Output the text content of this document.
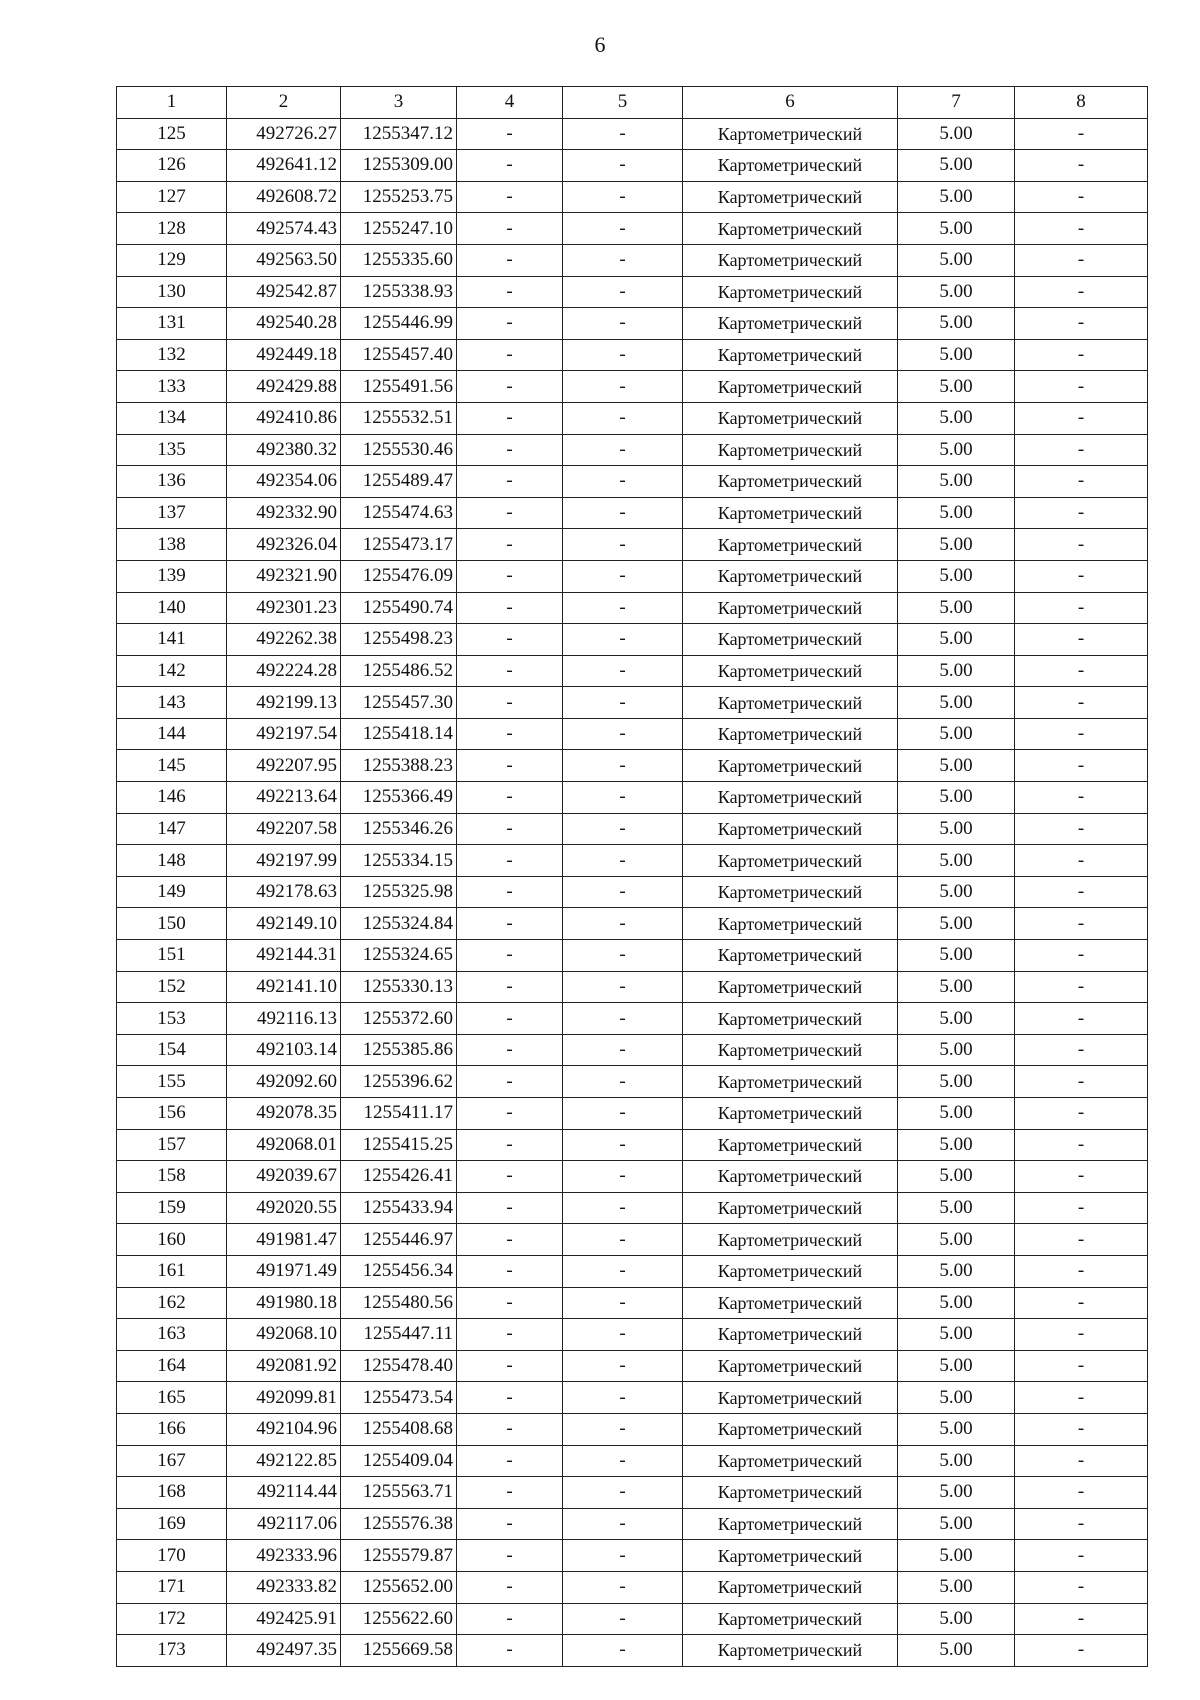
6
1	2	3	4	5	6	7	8
125	492726.27	1255347.12	-	-	Картометрический	5.00	-
126	492641.12	1255309.00	-	-	Картометрический	5.00	-
127	492608.72	1255253.75	-	-	Картометрический	5.00	-
128	492574.43	1255247.10	-	-	Картометрический	5.00	-
129	492563.50	1255335.60	-	-	Картометрический	5.00	-
130	492542.87	1255338.93	-	-	Картометрический	5.00	-
131	492540.28	1255446.99	-	-	Картометрический	5.00	-
132	492449.18	1255457.40	-	-	Картометрический	5.00	-
133	492429.88	1255491.56	-	-	Картометрический	5.00	-
134	492410.86	1255532.51	-	-	Картометрический	5.00	-
135	492380.32	1255530.46	-	-	Картометрический	5.00	-
136	492354.06	1255489.47	-	-	Картометрический	5.00	-
137	492332.90	1255474.63	-	-	Картометрический	5.00	-
138	492326.04	1255473.17	-	-	Картометрический	5.00	-
139	492321.90	1255476.09	-	-	Картометрический	5.00	-
140	492301.23	1255490.74	-	-	Картометрический	5.00	-
141	492262.38	1255498.23	-	-	Картометрический	5.00	-
142	492224.28	1255486.52	-	-	Картометрический	5.00	-
143	492199.13	1255457.30	-	-	Картометрический	5.00	-
144	492197.54	1255418.14	-	-	Картометрический	5.00	-
145	492207.95	1255388.23	-	-	Картометрический	5.00	-
146	492213.64	1255366.49	-	-	Картометрический	5.00	-
147	492207.58	1255346.26	-	-	Картометрический	5.00	-
148	492197.99	1255334.15	-	-	Картометрический	5.00	-
149	492178.63	1255325.98	-	-	Картометрический	5.00	-
150	492149.10	1255324.84	-	-	Картометрический	5.00	-
151	492144.31	1255324.65	-	-	Картометрический	5.00	-
152	492141.10	1255330.13	-	-	Картометрический	5.00	-
153	492116.13	1255372.60	-	-	Картометрический	5.00	-
154	492103.14	1255385.86	-	-	Картометрический	5.00	-
155	492092.60	1255396.62	-	-	Картометрический	5.00	-
156	492078.35	1255411.17	-	-	Картометрический	5.00	-
157	492068.01	1255415.25	-	-	Картометрический	5.00	-
158	492039.67	1255426.41	-	-	Картометрический	5.00	-
159	492020.55	1255433.94	-	-	Картометрический	5.00	-
160	491981.47	1255446.97	-	-	Картометрический	5.00	-
161	491971.49	1255456.34	-	-	Картометрический	5.00	-
162	491980.18	1255480.56	-	-	Картометрический	5.00	-
163	492068.10	1255447.11	-	-	Картометрический	5.00	-
164	492081.92	1255478.40	-	-	Картометрический	5.00	-
165	492099.81	1255473.54	-	-	Картометрический	5.00	-
166	492104.96	1255408.68	-	-	Картометрический	5.00	-
167	492122.85	1255409.04	-	-	Картометрический	5.00	-
168	492114.44	1255563.71	-	-	Картометрический	5.00	-
169	492117.06	1255576.38	-	-	Картометрический	5.00	-
170	492333.96	1255579.87	-	-	Картометрический	5.00	-
171	492333.82	1255652.00	-	-	Картометрический	5.00	-
172	492425.91	1255622.60	-	-	Картометрический	5.00	-
173	492497.35	1255669.58	-	-	Картометрический	5.00	-
